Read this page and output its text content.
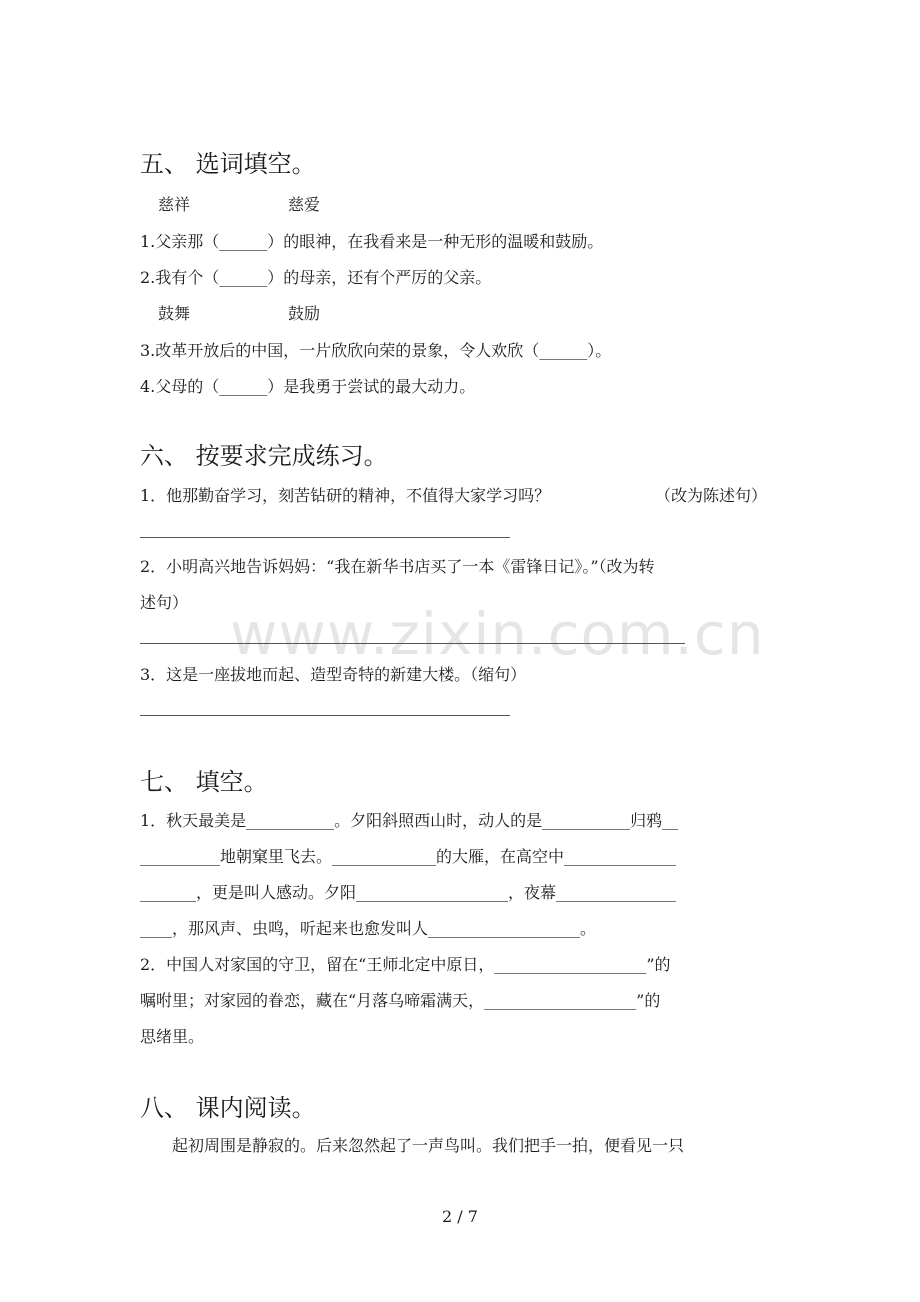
www.zixin.com.cn
五、 选词填空。
慈祥	慈爱
1.父亲那（______）的眼神，在我看来是一种无形的温暖和鼓励。
2.我有个（______）的母亲，还有个严厉的父亲。
鼓舞	鼓励
3.改革开放后的中国，一片欣欣向荣的景象，令人欢欣（______）。
4.父母的（______）是我勇于尝试的最大动力。
六、 按要求完成练习。
1．他那勤奋学习，刻苦钻研的精神，不值得大家学习吗？	（改为陈述句）
2．小明高兴地告诉妈妈：“我在新华书店买了一本《雷锋日记》。”（改为转
述句）
3．这是一座拔地而起、造型奇特的新建大楼。（缩句）
七、 填空。
1．秋天最美是___________。夕阳斜照西山时，动人的是___________归鸦__
__________地朝窠里飞去。_____________的大雁，在高空中______________
_______，更是叫人感动。夕阳___________________，夜幕_______________
____，那风声、虫鸣，听起来也愈发叫人___________________。
2．中国人对家国的守卫，留在“王师北定中原日，___________________”的
嘱咐里；对家园的眷恋，藏在“月落乌啼霜满天，___________________”的
思绪里。
八、 课内阅读。
起初周围是静寂的。后来忽然起了一声鸟叫。我们把手一拍，便看见一只
2 / 7
